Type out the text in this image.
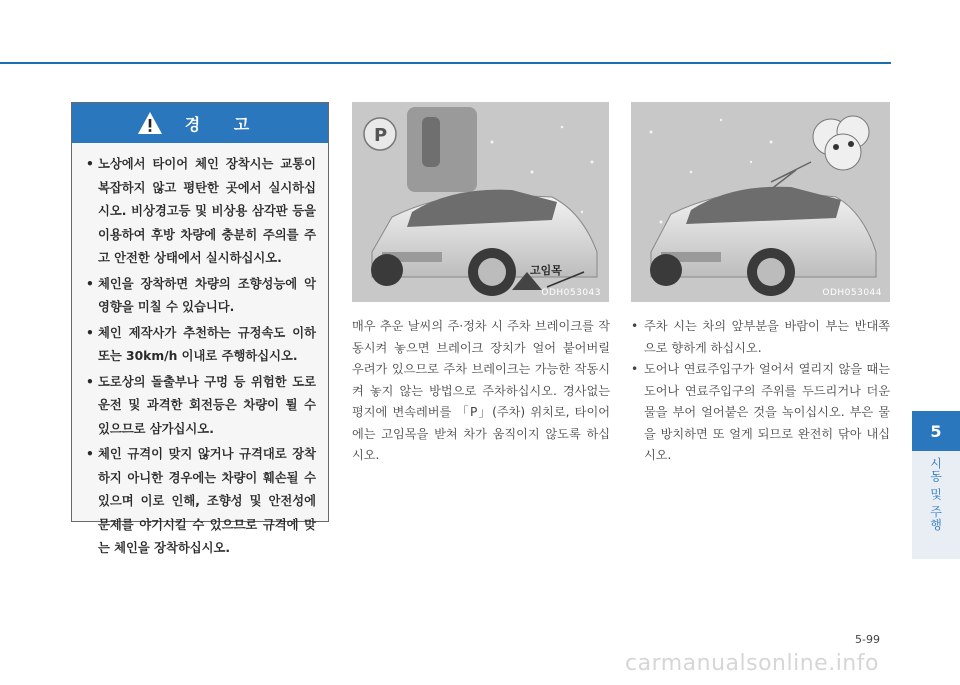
경 고
• 노상에서 타이어 체인 장착시는 교통이 복잡하지 않고 평탄한 곳에서 실시하십시오. 비상경고등 및 비상용 삼각판 등을 이용하여 후방 차량에 충분히 주의를 주고 안전한 상태에서 실시하십시오.
• 체인을 장착하면 차량의 조향성능에 악영향을 미칠 수 있습니다.
• 체인 제작사가 추천하는 규정속도 이하 또는 30km/h 이내로 주행하십시오.
• 도로상의 돌출부나 구멍 등 위험한 도로 운전 및 과격한 회전등은 차량이 튈 수 있으므로 삼가십시오.
• 체인 규격이 맞지 않거나 규격대로 장착하지 아니한 경우에는 차량이 훼손될 수 있으며 이로 인해, 조향성 및 안전성에 문제를 야기시킬 수 있으므로 규격에 맞는 체인을 장착하십시오.
P
ODH053043
고임목
ODH053044

매우 추운 날씨의 주·정차 시 주차 브레이크를 작동시켜 놓으면 브레이크 장치가 얼어 붙어버릴 우려가 있으므로 주차 브레이크는 가능한 작동시켜 놓지 않는 방법으로 주차하십시오. 경사없는 평지에 변속레버를 「P」(주차) 위치로, 타이어에는 고임목을 받쳐 차가 움직이지 않도록 하십시오.

• 주차 시는 차의 앞부분을 바람이 부는 반대쪽으로 향하게 하십시오.
• 도어나 연료주입구가 얼어서 열리지 않을 때는 도어나 연료주입구의 주위를 두드리거나 더운 물을 부어 얼어붙은 것을 녹이십시오. 부은 물을 방치하면 또 얼게 되므로 완전히 닦아 내십시오.
5
시동 및 주행
5-99
carmanualsonline.info
